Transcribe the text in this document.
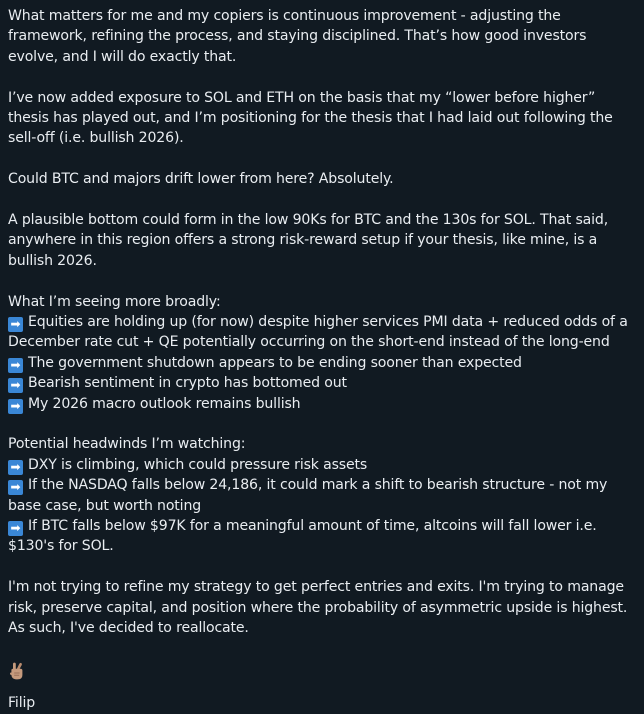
What matters for me and my copiers is continuous improvement - adjusting the framework, refining the process, and staying disciplined. That’s how good investors evolve, and I will do exactly that.

I’ve now added exposure to SOL and ETH on the basis that my “lower before higher” thesis has played out, and I’m positioning for the thesis that I had laid out following the sell-off (i.e. bullish 2026).

Could BTC and majors drift lower from here? Absolutely.

A plausible bottom could form in the low 90Ks for BTC and the 130s for SOL. That said, anywhere in this region offers a strong risk-reward setup if your thesis, like mine, is a bullish 2026.

What I’m seeing more broadly:
➡ Equities are holding up (for now) despite higher services PMI data + reduced odds of a December rate cut + QE potentially occurring on the short-end instead of the long-end
➡ The government shutdown appears to be ending sooner than expected
➡ Bearish sentiment in crypto has bottomed out
➡ My 2026 macro outlook remains bullish
Potential headwinds I’m watching:
➡ DXY is climbing, which could pressure risk assets
➡ If the NASDAQ falls below 24,186, it could mark a shift to bearish structure - not my base case, but worth noting
➡ If BTC falls below $97K for a meaningful amount of time, altcoins will fall lower i.e. $130's for SOL.

I'm not trying to refine my strategy to get perfect entries and exits. I'm trying to manage risk, preserve capital, and position where the probability of asymmetric upside is highest. As such, I've decided to reallocate.

Filip
